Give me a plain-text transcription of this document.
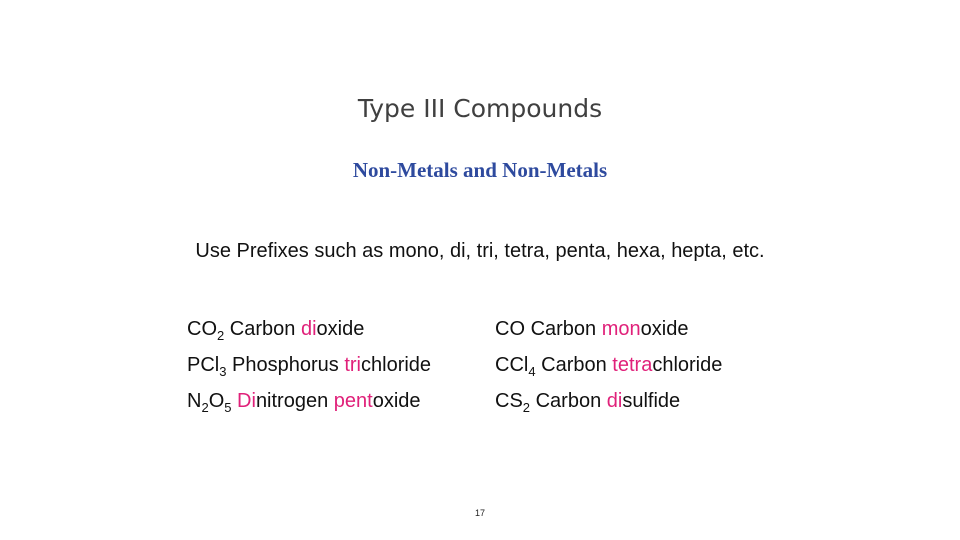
Type III Compounds
Non-Metals and Non-Metals
Use Prefixes such as mono, di, tri, tetra, penta, hexa, hepta, etc.
$CO_2$ Carbon dioxide
PCl$_3$ Phosphorus trichloride
$N_2O_5$ Dinitrogen pentoxide
CO Carbon monoxide
CCl$_4$ Carbon tetrachloride
$CS_2$ Carbon disulfide
17
